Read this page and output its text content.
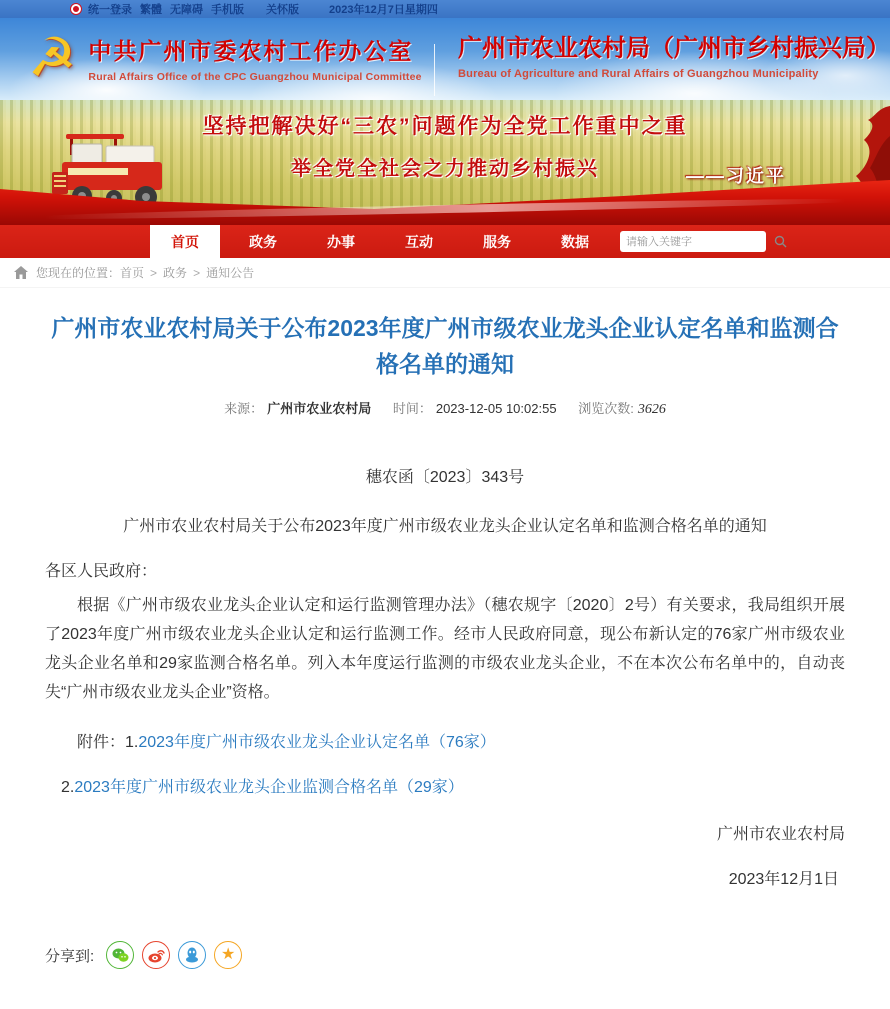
统一登录 繁體 无障碍 手机版 关怀版	2023年12月7日星期四
☭ 中共广州市委农村工作办公室
Rural Affairs Office of the CPC Guangzhou Municipal Committee
广州市农业农村局（广州市乡村振兴局）
Bureau of Agriculture and Rural Affairs of Guangzhou Municipality
坚持把解决好“三农”问题作为全党工作重中之重
举全党全社会之力推动乡村振兴	——习近平
首页	政务	办事	互动	服务	数据
请输入关键字
您现在的位置： 首页 > 政务 > 通知公告
广州市农业农村局关于公布2023年度广州市级农业龙头企业认定名单和监测合格名单的通知
来源： 广州市农业农村局 时间： 2023-12-05 10:02:55 浏览次数: 3626
穗农函〔2023〕343号
广州市农业农村局关于公布2023年度广州市级农业龙头企业认定名单和监测合格名单的通知
各区人民政府：

根据《广州市级农业龙头企业认定和运行监测管理办法》（穗农规字〔2020〕2号）有关要求，我局组织开展了2023年度广州市级农业龙头企业认定和运行监测工作。经市人民政府同意，现公布新认定的76家广州市级农业龙头企业名单和29家监测合格名单。列入本年度运行监测的市级农业龙头企业，不在本次公布名单中的，自动丧失“广州市级农业龙头企业”资格。

附件：1.2023年度广州市级农业龙头企业认定名单（76家）
2.2023年度广州市级农业龙头企业监测合格名单（29家）
广州市农业农村局
2023年12月1日
分享到:	★
